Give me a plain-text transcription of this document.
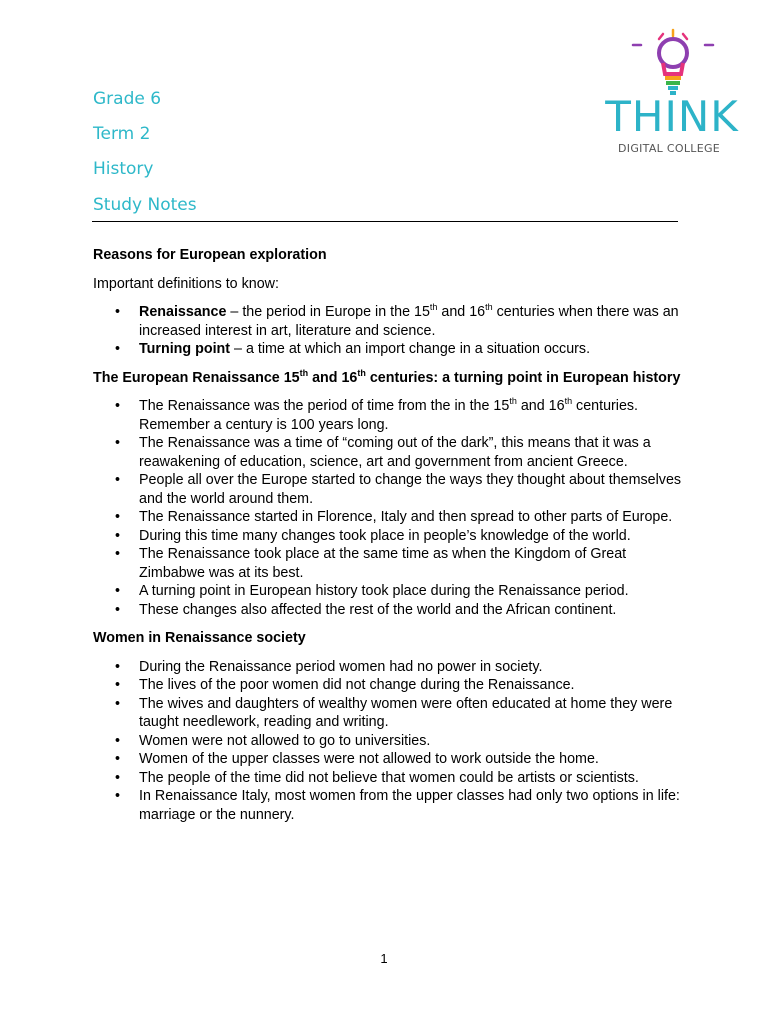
Grade 6
Term 2
History
Study Notes
THINK
DIGITAL COLLEGE

Reasons for European exploration

Important definitions to know:

• Renaissance – the period in Europe in the 15th and 16th centuries when there was an increased interest in art, literature and science.
• Turning point – a time at which an import change in a situation occurs.

The European Renaissance 15th and 16th centuries: a turning point in European history

• The Renaissance was the period of time from the in the 15th and 16th centuries. Remember a century is 100 years long.
• The Renaissance was a time of “coming out of the dark”, this means that it was a reawakening of education, science, art and government from ancient Greece.
• People all over the Europe started to change the ways they thought about themselves and the world around them.
• The Renaissance started in Florence, Italy and then spread to other parts of Europe.
• During this time many changes took place in people’s knowledge of the world.
• The Renaissance took place at the same time as when the Kingdom of Great Zimbabwe was at its best.
• A turning point in European history took place during the Renaissance period.
• These changes also affected the rest of the world and the African continent.

Women in Renaissance society

• During the Renaissance period women had no power in society.
• The lives of the poor women did not change during the Renaissance.
• The wives and daughters of wealthy women were often educated at home they were taught needlework, reading and writing.
• Women were not allowed to go to universities.
• Women of the upper classes were not allowed to work outside the home.
• The people of the time did not believe that women could be artists or scientists.
• In Renaissance Italy, most women from the upper classes had only two options in life: marriage or the nunnery.
1
